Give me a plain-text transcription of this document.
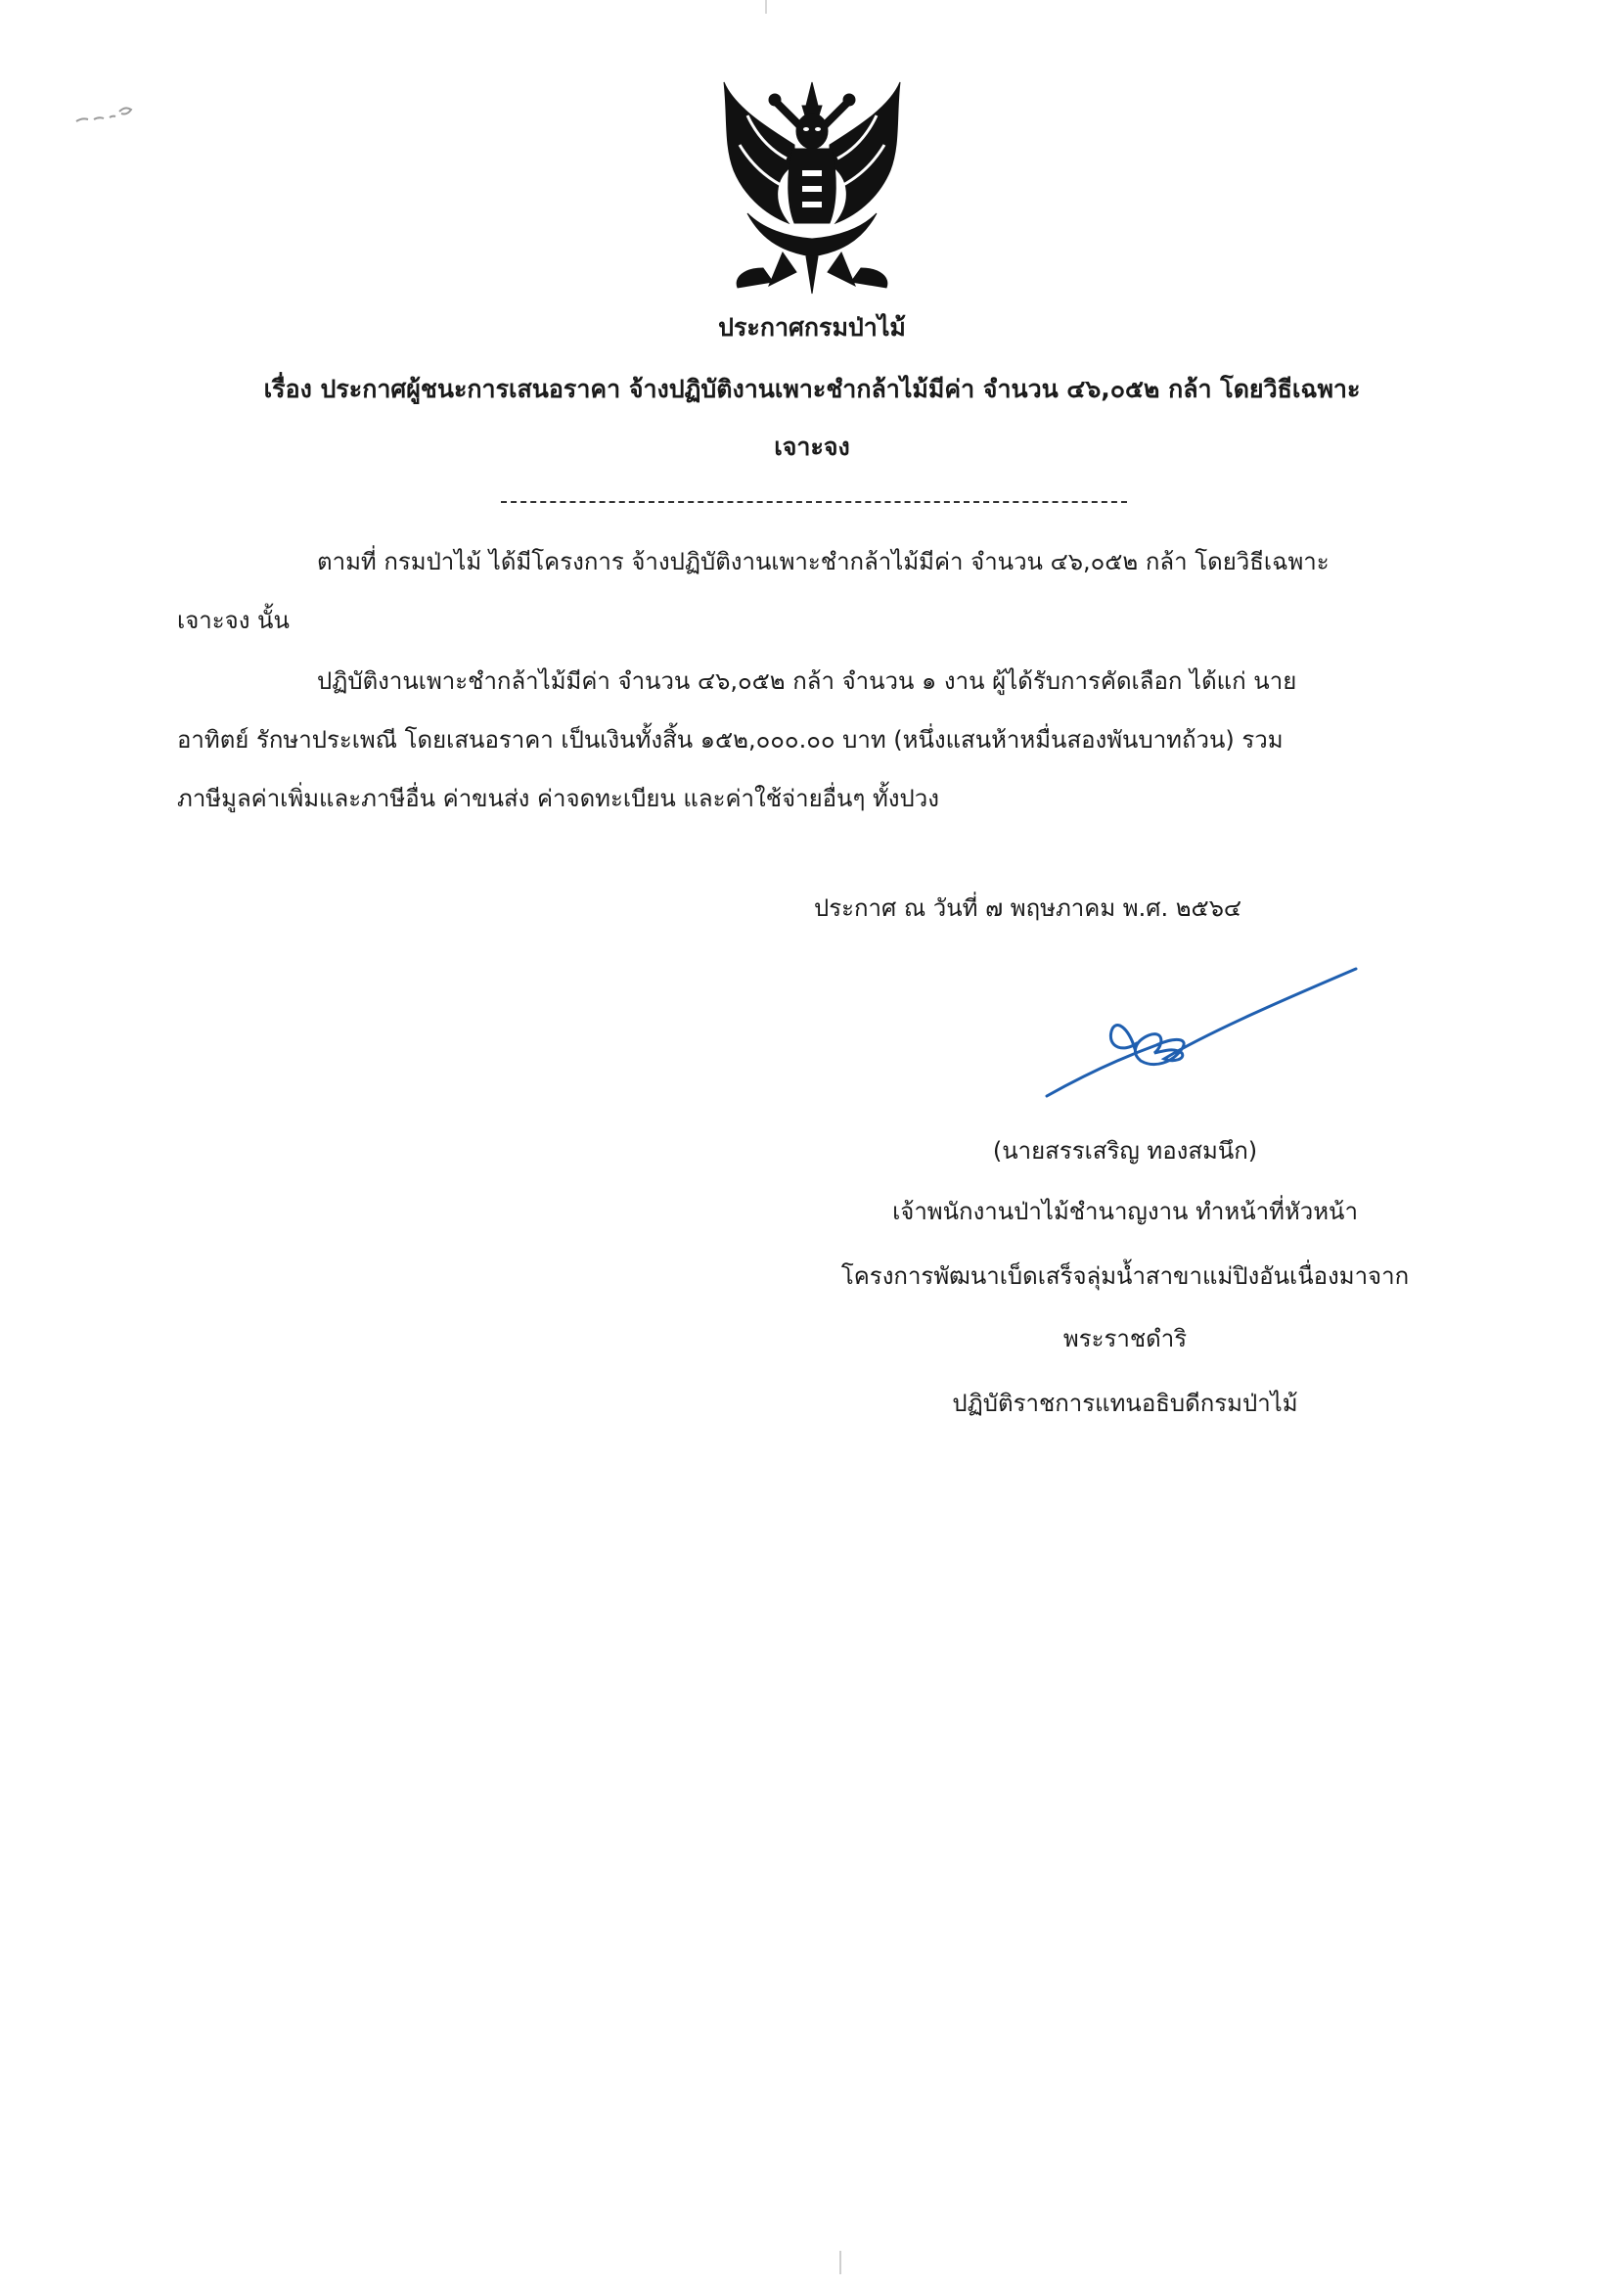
ประกาศกรมป่าไม้
เรื่อง ประกาศผู้ชนะการเสนอราคา จ้างปฏิบัติงานเพาะชำกล้าไม้มีค่า จำนวน ๔๖,๐๕๒ กล้า โดยวิธีเฉพาะ
เจาะจง
ตามที่ กรมป่าไม้ ได้มีโครงการ จ้างปฏิบัติงานเพาะชำกล้าไม้มีค่า จำนวน ๔๖,๐๕๒ กล้า โดยวิธีเฉพาะ
เจาะจง นั้น
ปฏิบัติงานเพาะชำกล้าไม้มีค่า จำนวน ๔๖,๐๕๒ กล้า จำนวน ๑ งาน ผู้ได้รับการคัดเลือก ได้แก่ นาย
อาทิตย์ รักษาประเพณี โดยเสนอราคา เป็นเงินทั้งสิ้น ๑๕๒,๐๐๐.๐๐ บาท (หนึ่งแสนห้าหมื่นสองพันบาทถ้วน) รวม
ภาษีมูลค่าเพิ่มและภาษีอื่น ค่าขนส่ง ค่าจดทะเบียน และค่าใช้จ่ายอื่นๆ ทั้งปวง
ประกาศ ณ วันที่ ๗ พฤษภาคม พ.ศ. ๒๕๖๔
(นายสรรเสริญ ทองสมนึก)
เจ้าพนักงานป่าไม้ชำนาญงาน ทำหน้าที่หัวหน้า
โครงการพัฒนาเบ็ดเสร็จลุ่มน้ำสาขาแม่ปิงอันเนื่องมาจาก
พระราชดำริ
ปฏิบัติราชการแทนอธิบดีกรมป่าไม้
